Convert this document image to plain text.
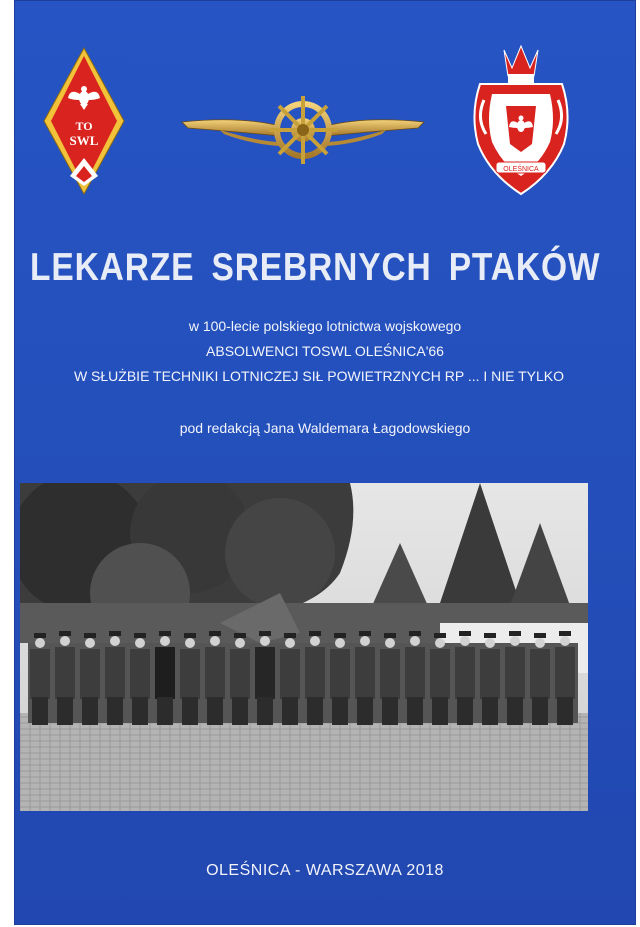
TO
SWL
OLEŚNICA
LEKARZE SREBRNYCH PTAKÓW
w 100-lecie polskiego lotnictwa wojskowego
ABSOLWENCI TOSWL OLEŚNICA'66
W SŁUŻBIE TECHNIKI LOTNICZEJ SIŁ POWIETRZNYCH RP ... I NIE TYLKO
pod redakcją Jana Waldemara Łagodowskiego
OLEŚNICA - WARSZAWA 2018
